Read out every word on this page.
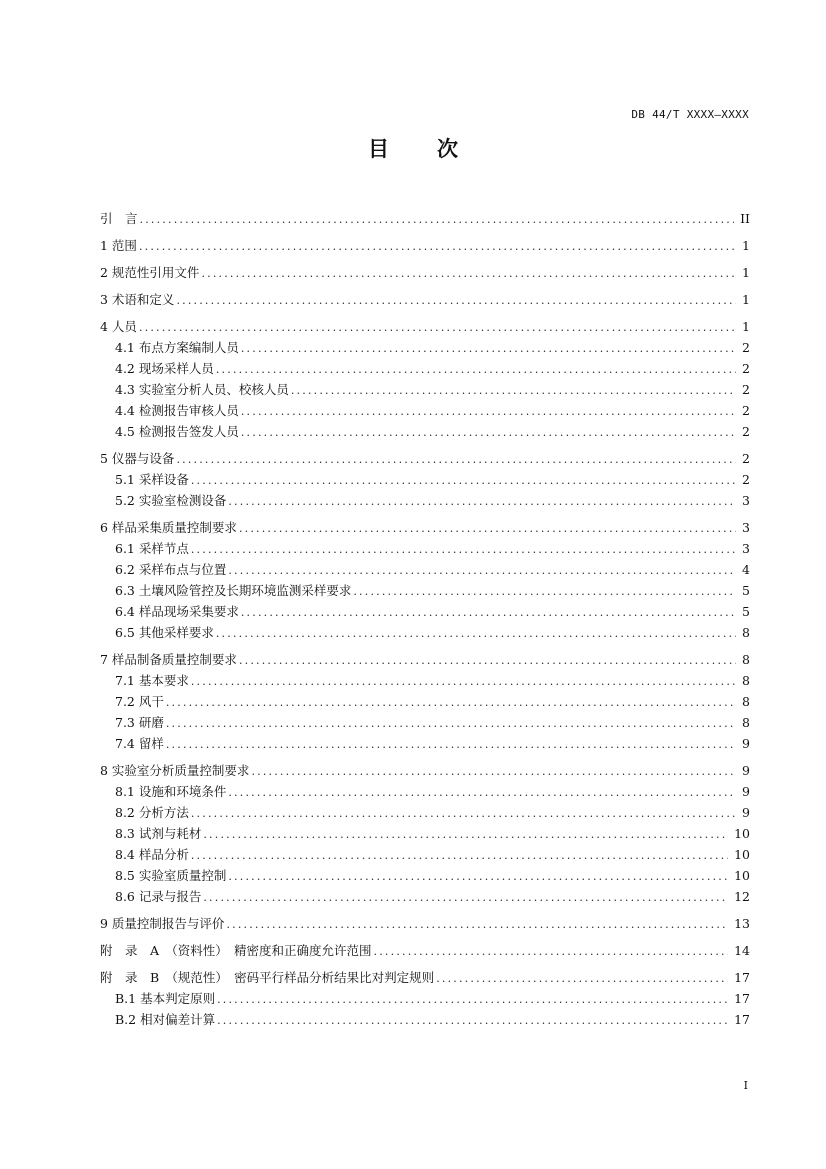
DB 44/T XXXX—XXXX
目 次
引　言 .....	II
1 范围 .....	1
2 规范性引用文件 .....	1
3 术语和定义 .....	1
4 人员 .....	1
4.1 布点方案编制人员 .....	2
4.2 现场采样人员 .....	2
4.3 实验室分析人员、校核人员 .....	2
4.4 检测报告审核人员 .....	2
4.5 检测报告签发人员 .....	2
5 仪器与设备 .....	2
5.1 采样设备 .....	2
5.2 实验室检测设备 .....	3
6 样品采集质量控制要求 .....	3
6.1 采样节点 .....	3
6.2 采样布点与位置 .....	4
6.3 土壤风险管控及长期环境监测采样要求 .....	5
6.4 样品现场采集要求 .....	5
6.5 其他采样要求 .....	8
7 样品制备质量控制要求 .....	8
7.1 基本要求 .....	8
7.2 风干 .....	8
7.3 研磨 .....	8
7.4 留样 .....	9
8 实验室分析质量控制要求 .....	9
8.1 设施和环境条件 .....	9
8.2 分析方法 .....	9
8.3 试剂与耗材 .....	10
8.4 样品分析 .....	10
8.5 实验室质量控制 .....	10
8.6 记录与报告 .....	12
9 质量控制报告与评价 .....	13
附　录　A　（资料性）　精密度和正确度允许范围 .....	14
附　录　B　（规范性）　密码平行样品分析结果比对判定规则 .....	17
B.1 基本判定原则 .....	17
B.2 相对偏差计算 .....	17
I
